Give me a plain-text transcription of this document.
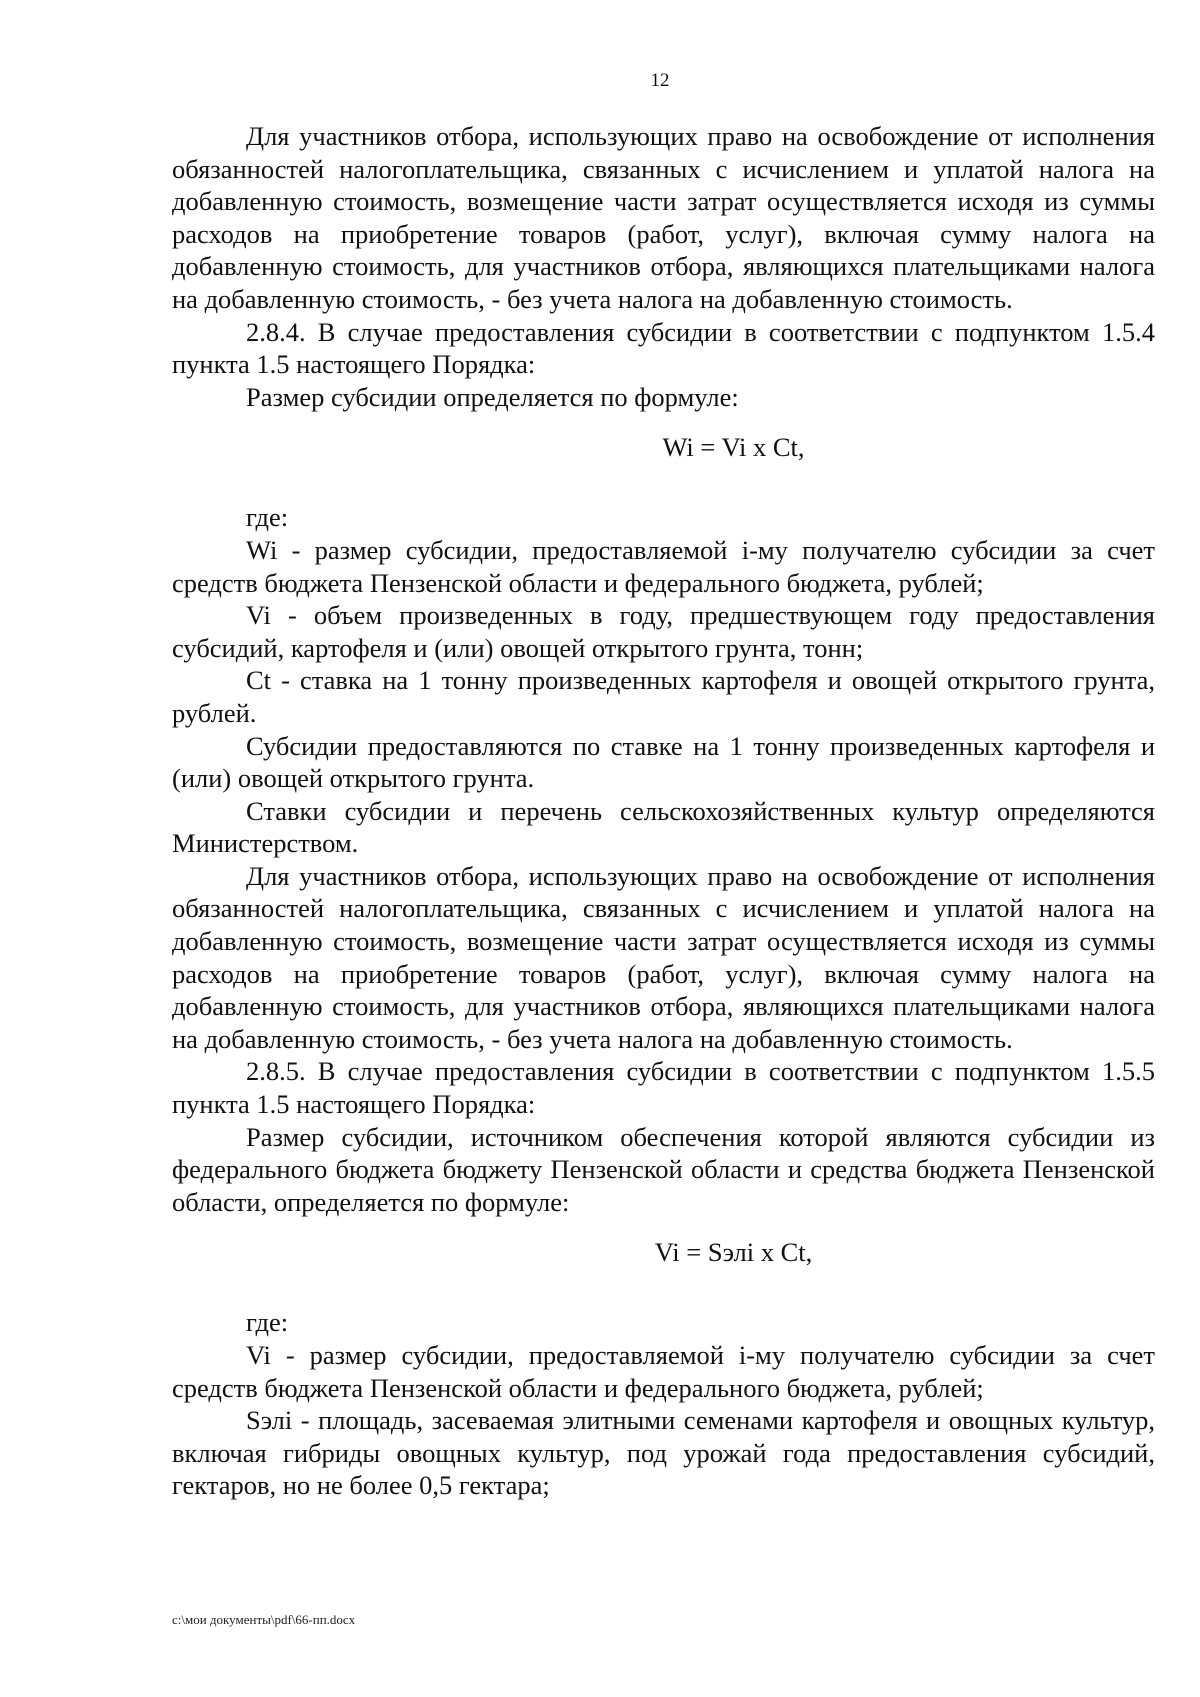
12

Для участников отбора, использующих право на освобождение от исполнения обязанностей налогоплательщика, связанных с исчислением и уплатой налога на добавленную стоимость, возмещение части затрат осуществляется исходя из суммы расходов на приобретение товаров (работ, услуг), включая сумму налога на добавленную стоимость, для участников отбора, являющихся плательщиками налога на добавленную стоимость, - без учета налога на добавленную стоимость.

2.8.4. В случае предоставления субсидии в соответствии с подпунктом 1.5.4 пункта 1.5 настоящего Порядка:

Размер субсидии определяется по формуле:

Wi = Vi x Ct,

где:

Wi - размер субсидии, предоставляемой i-му получателю субсидии за счет средств бюджета Пензенской области и федерального бюджета, рублей;

Vi - объем произведенных в году, предшествующем году предоставления субсидий, картофеля и (или) овощей открытого грунта, тонн;

Ct - ставка на 1 тонну произведенных картофеля и овощей открытого грунта, рублей.

Субсидии предоставляются по ставке на 1 тонну произведенных картофеля и (или) овощей открытого грунта.

Ставки субсидии и перечень сельскохозяйственных культур определяются Министерством.

Для участников отбора, использующих право на освобождение от исполнения обязанностей налогоплательщика, связанных с исчислением и уплатой налога на добавленную стоимость, возмещение части затрат осуществляется исходя из суммы расходов на приобретение товаров (работ, услуг), включая сумму налога на добавленную стоимость, для участников отбора, являющихся плательщиками налога на добавленную стоимость, - без учета налога на добавленную стоимость.

2.8.5. В случае предоставления субсидии в соответствии с подпунктом 1.5.5 пункта 1.5 настоящего Порядка:

Размер субсидии, источником обеспечения которой являются субсидии из федерального бюджета бюджету Пензенской области и средства бюджета Пензенской области, определяется по формуле:

Vi = Sэлi x Ct,

где:

Vi - размер субсидии, предоставляемой i-му получателю субсидии за счет средств бюджета Пензенской области и федерального бюджета, рублей;

Sэлi - площадь, засеваемая элитными семенами картофеля и овощных культур, включая гибриды овощных культур, под урожай года предоставления субсидий, гектаров, но не более 0,5 гектара;

с:\мои документы\pdf\66-пп.docx
